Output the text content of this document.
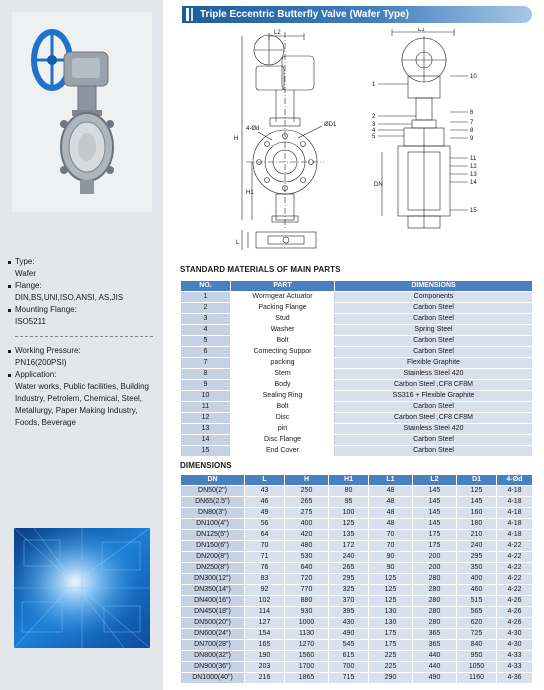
Type:
Wafer
Flange:
DIN,BS,UNI,ISO,ANSI, AS,JIS
Mounting Flange:
ISO5211
Working Pressure:
PN16(200PSI)
Application:
Water works, Public facilities, Building Industry, Petrolem, Chemical, Steel, Metallurgy, Paper Making Industry, Foods, Beverage
Triple Eccentric Butterfly Valve (Wafer Type)
L2
H
H1
ØD1
4-Ød
L
L1
DN
1
2
3
4
5
6
7
8
9
11
12
13
14
15
10
STANDARD MATERIALS OF MAIN PARTS
NO.	PART	DIMENSIONS
1	Wormgear Actuator	Components
2	Packing Flange	Carbon Steel
3	Stud	Carbon Steel
4	Washer	Spring Steel
5	Bolt	Carbon Steel
6	Comecting Suppor	Carbon Steel
7	packing	Flexible Graphite
8	Stem	Stainless Steel 420
9	Body	Carbon Steel ,CF8 CF8M
10	Sealing Ring	SS316 + Flexible Graphite
11	Bolt	Carbon Steel
12	Disc	Carbon Steel ,CF8 CF8M
13	pin	Stainless Steel 420
14	Disc Flange	Carbon Steel
15	End Cover	Carbon Steel
DIMENSIONS
DN	L	H	H1	L1	L2	D1	4-Ød
DN50(2")	43	250	80	48	145	125	4-18
DN65(2.5")	46	265	95	48	145	145	4-18
DN80(3")	49	275	100	48	145	160	4-18
DN100(4")	56	400	125	48	145	180	4-18
DN125(5")	64	420	135	70	175	210	4-18
DN150(6")	70	480	172	70	175	240	4-22
DN200(8")	71	530	240	90	200	295	4-22
DN250(8")	76	640	265	90	200	350	4-22
DN300(12")	83	720	295	125	280	400	4-22
DN350(14")	92	770	325	125	280	460	4-22
DN400(16")	102	880	370	125	280	515	4-26
DN450(18")	114	930	395	130	280	565	4-26
DN500(20")	127	1000	430	130	280	620	4-26
DN600(24")	154	1130	490	175	365	725	4-30
DN700(28")	165	1270	545	175	365	840	4-30
DN800(32")	190	1560	615	225	440	950	4-33
DN900(36")	203	1700	700	225	440	1050	4-33
DN1000(40")	216	1865	715	290	490	1160	4-36
